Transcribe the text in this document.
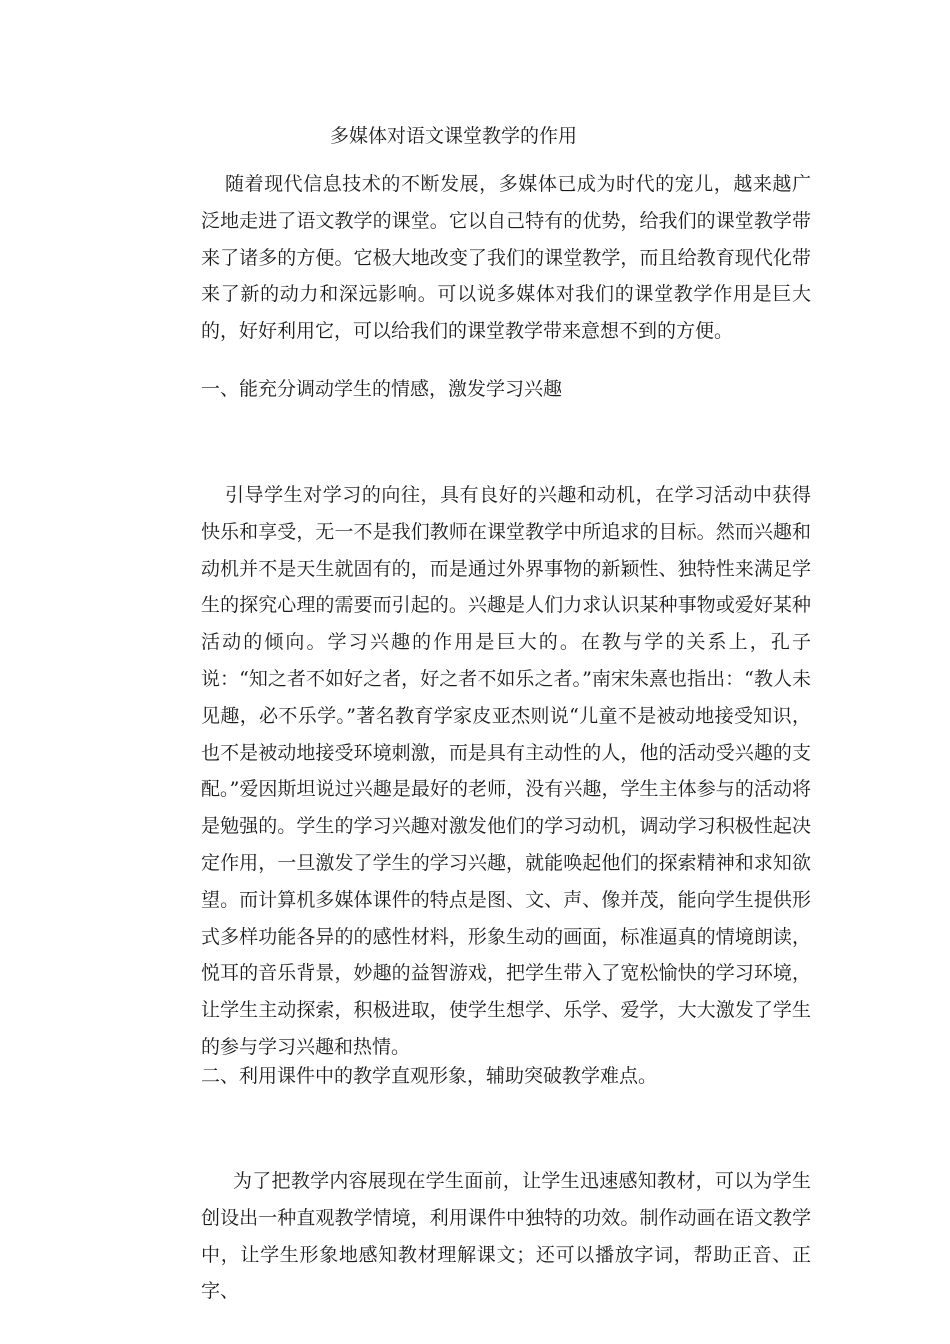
多媒体对语文课堂教学的作用

随着现代信息技术的不断发展，多媒体已成为时代的宠儿，越来越广泛地走进了语文教学的课堂。它以自己特有的优势，给我们的课堂教学带来了诸多的方便。它极大地改变了我们的课堂教学，而且给教育现代化带来了新的动力和深远影响。可以说多媒体对我们的课堂教学作用是巨大的，好好利用它，可以给我们的课堂教学带来意想不到的方便。

一、能充分调动学生的情感，激发学习兴趣

引导学生对学习的向往，具有良好的兴趣和动机，在学习活动中获得快乐和享受，无一不是我们教师在课堂教学中所追求的目标。然而兴趣和动机并不是天生就固有的，而是通过外界事物的新颖性、独特性来满足学生的探究心理的需要而引起的。兴趣是人们力求认识某种事物或爱好某种活动的倾向。学习兴趣的作用是巨大的。在教与学的关系上，孔子说：“知之者不如好之者，好之者不如乐之者。”南宋朱熹也指出：“教人未见趣，必不乐学。”著名教育学家皮亚杰则说“儿童不是被动地接受知识，也不是被动地接受环境刺激，而是具有主动性的人，他的活动受兴趣的支配。”爱因斯坦说过兴趣是最好的老师，没有兴趣，学生主体参与的活动将是勉强的。学生的学习兴趣对激发他们的学习动机，调动学习积极性起决定作用，一旦激发了学生的学习兴趣，就能唤起他们的探索精神和求知欲望。而计算机多媒体课件的特点是图、文、声、像并茂，能向学生提供形式多样功能各异的的感性材料，形象生动的画面，标准逼真的情境朗读，悦耳的音乐背景，妙趣的益智游戏，把学生带入了宽松愉快的学习环境，让学生主动探索，积极进取，使学生想学、乐学、爱学，大大激发了学生的参与学习兴趣和热情。

二、利用课件中的教学直观形象，辅助突破教学难点。

为了把教学内容展现在学生面前，让学生迅速感知教材，可以为学生创设出一种直观教学情境，利用课件中独特的功效。制作动画在语文教学中，让学生形象地感知教材理解课文；还可以播放字词，帮助正音、正字、
